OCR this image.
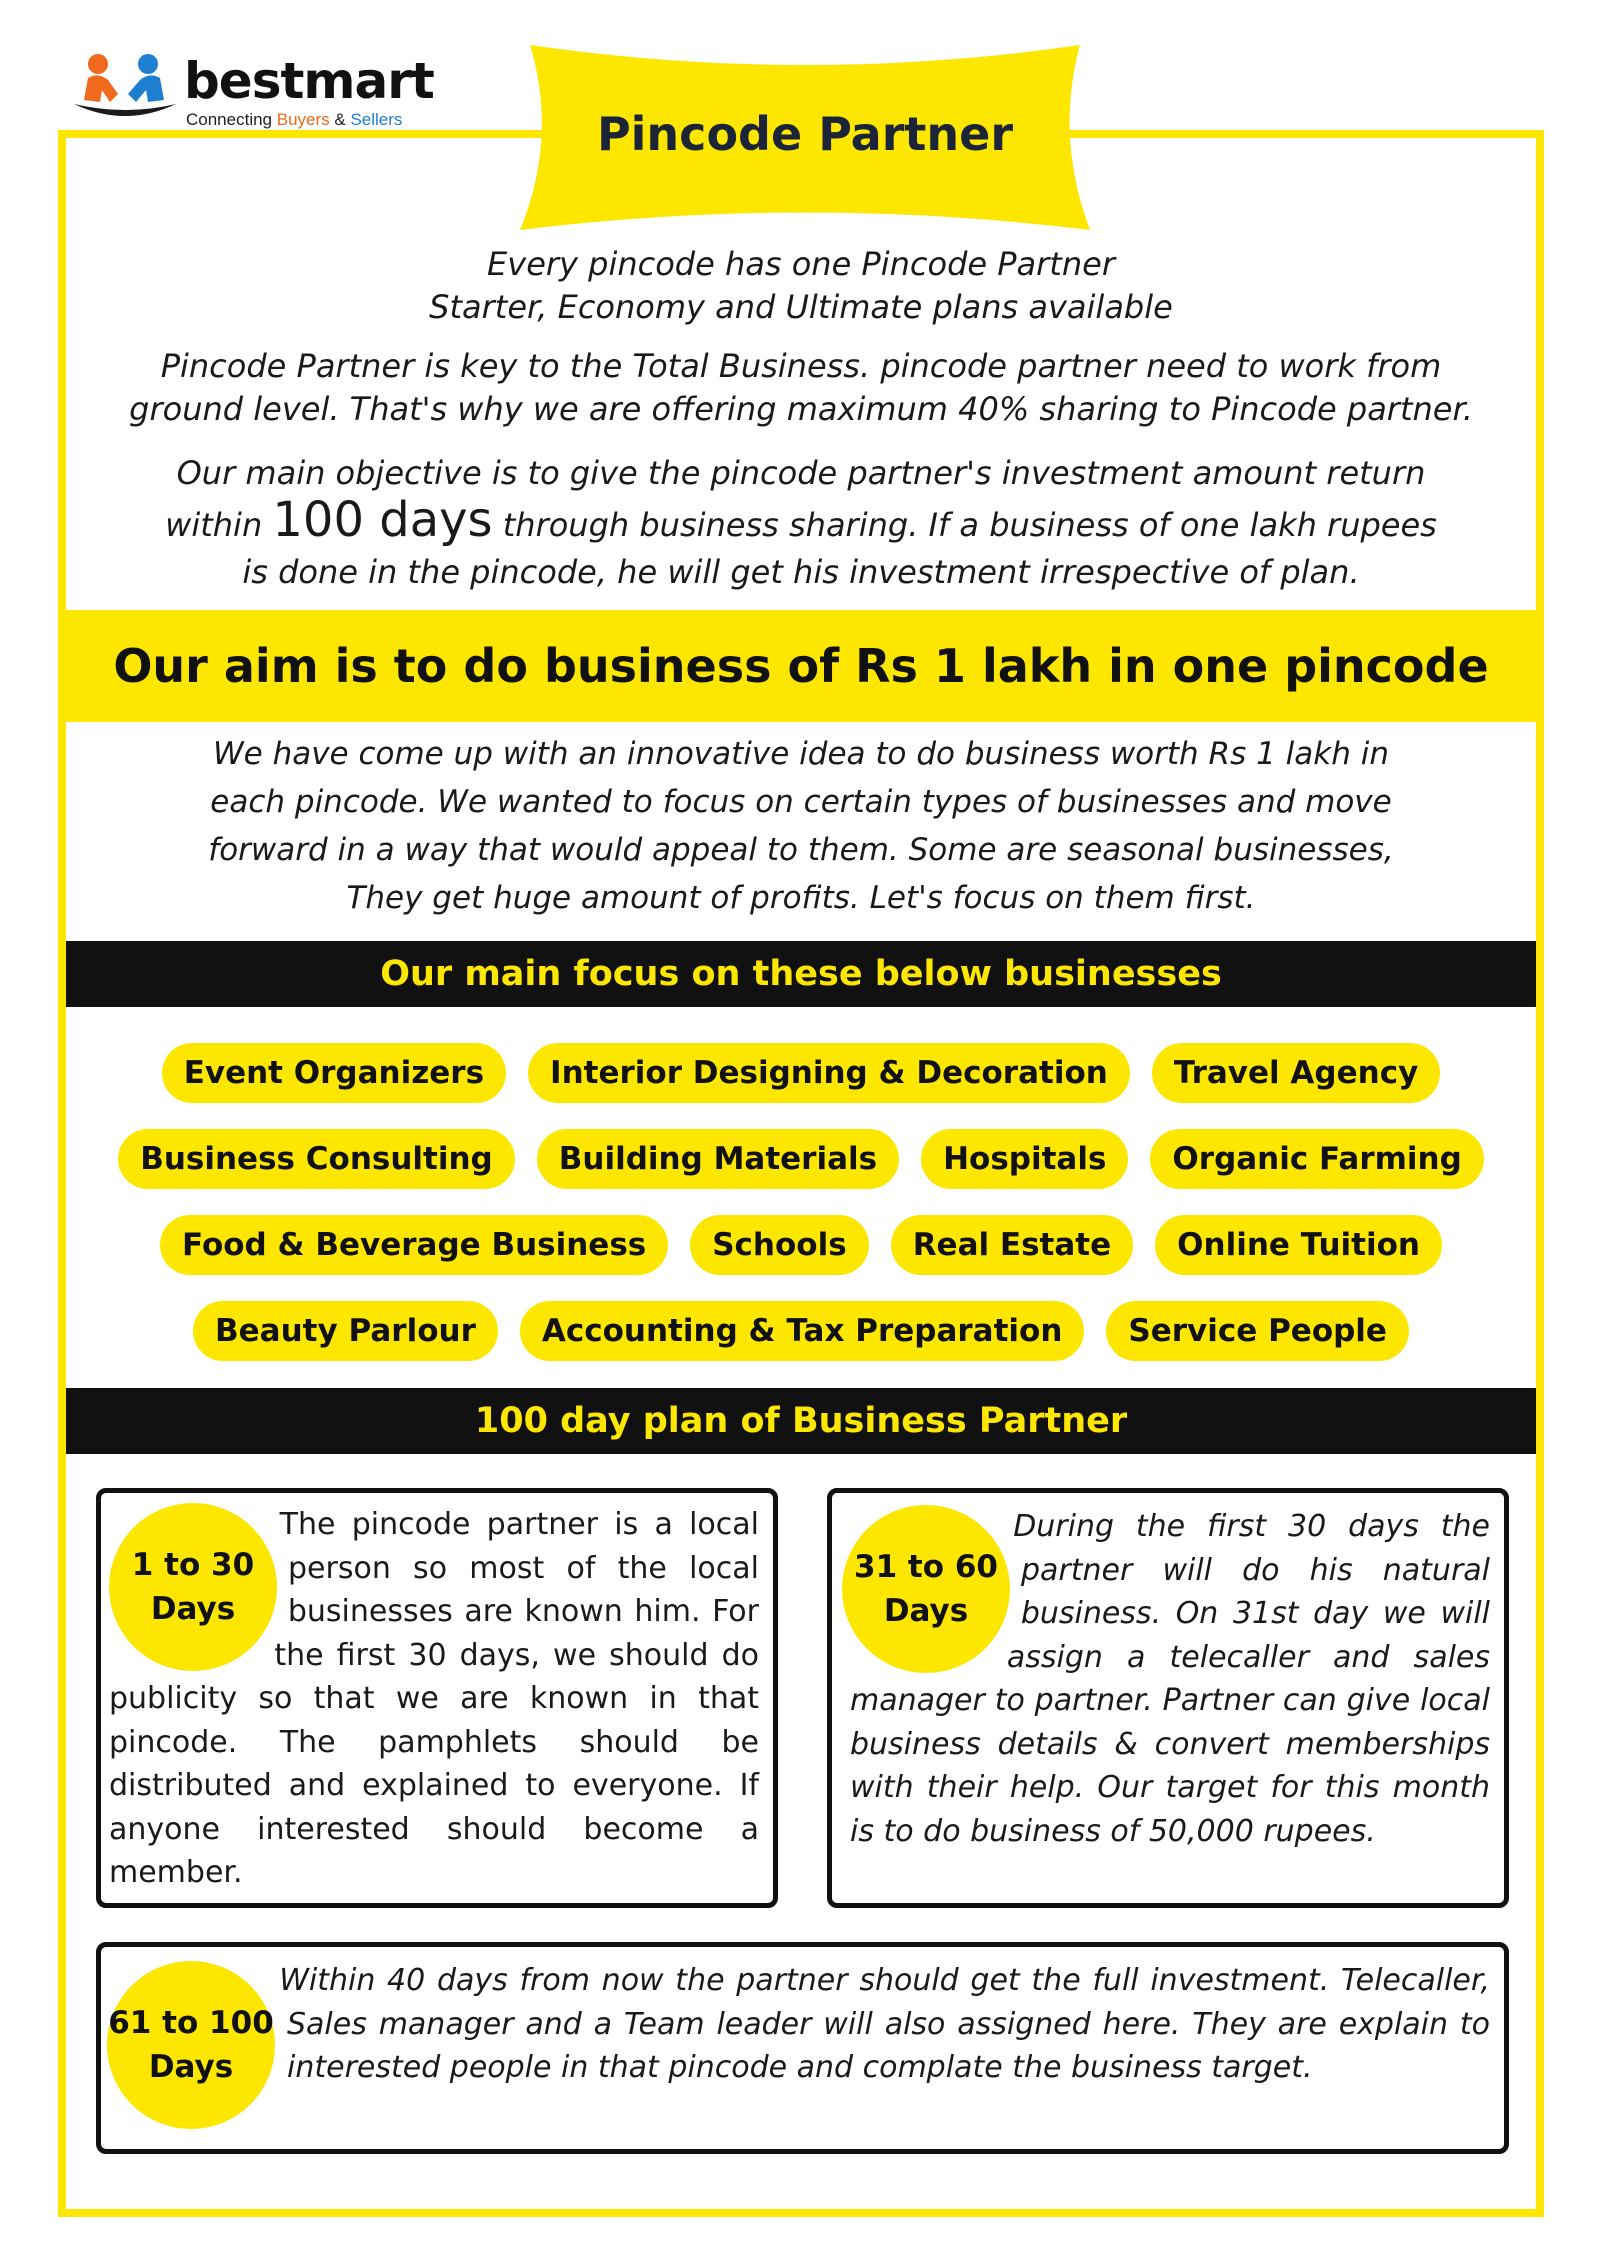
bestmart
Connecting Buyers & Sellers	Pincode Partner
Every pincode has one Pincode Partner
Starter, Economy and Ultimate plans available
Pincode Partner is key to the Total Business. pincode partner need to work from
ground level. That's why we are offering maximum 40% sharing to Pincode partner.
Our main objective is to give the pincode partner's investment amount return
within 100 days through business sharing. If a business of one lakh rupees
is done in the pincode, he will get his investment irrespective of plan.
Our aim is to do business of Rs 1 lakh in one pincode
We have come up with an innovative idea to do business worth Rs 1 lakh in
each pincode. We wanted to focus on certain types of businesses and move
forward in a way that would appeal to them. Some are seasonal businesses,
They get huge amount of profits. Let's focus on them first.
Our main focus on these below businesses
Event Organizers	Interior Designing & Decoration	Travel Agency
Business Consulting	Building Materials	Hospitals	Organic Farming
Food & Beverage Business	Schools	Real Estate	Online Tuition
Beauty Parlour	Accounting & Tax Preparation	Service People
100 day plan of Business Partner
1 to 30
Days
The pincode partner is a local person so most of the local businesses are known him. For the first 30 days, we should do publicity so that we are known in that pincode. The pamphlets should be distributed and explained to everyone. If anyone interested should become a member.
31 to 60
Days
During the first 30 days the partner will do his natural business. On 31st day we will assign a telecaller and sales manager to partner. Partner can give local business details & convert memberships with their help. Our target for this month is to do business of 50,000 rupees.
61 to 100
Days
Within 40 days from now the partner should get the full investment. Telecaller, Sales manager and a Team leader will also assigned here. They are explain to interested people in that pincode and complate the business target.
